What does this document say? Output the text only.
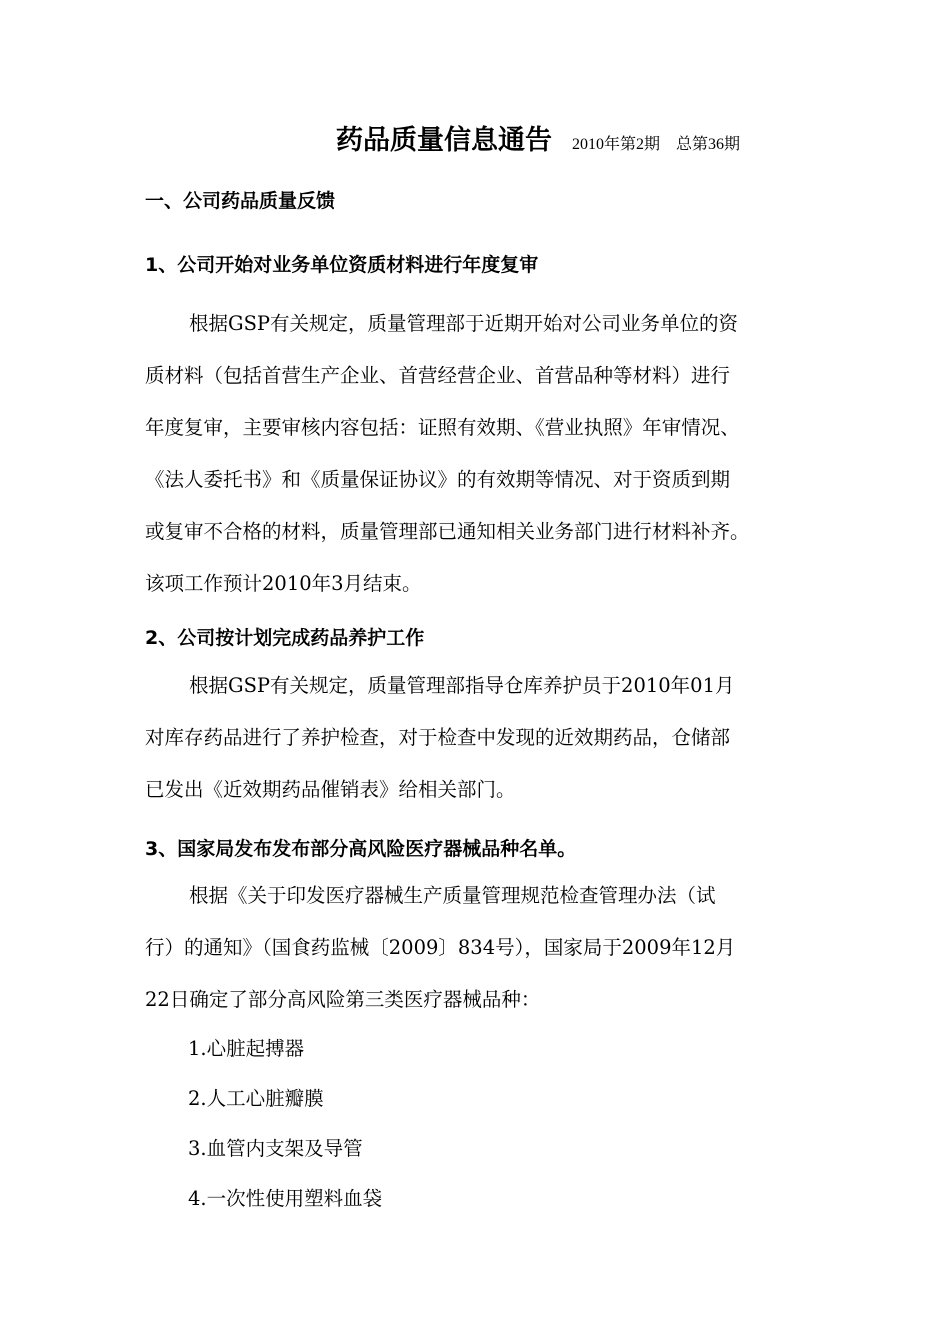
药品质量信息通告 2010年第2期　总第36期
一、公司药品质量反馈
1、公司开始对业务单位资质材料进行年度复审
根据GSP有关规定，质量管理部于近期开始对公司业务单位的资
质材料（包括首营生产企业、首营经营企业、首营品种等材料）进行
年度复审，主要审核内容包括：证照有效期、《营业执照》年审情况、
《法人委托书》和《质量保证协议》的有效期等情况、对于资质到期
或复审不合格的材料，质量管理部已通知相关业务部门进行材料补齐。
该项工作预计2010年3月结束。
2、公司按计划完成药品养护工作
根据GSP有关规定，质量管理部指导仓库养护员于2010年01月
对库存药品进行了养护检查，对于检查中发现的近效期药品，仓储部
已发出《近效期药品催销表》给相关部门。
3、国家局发布发布部分高风险医疗器械品种名单。
根据《关于印发医疗器械生产质量管理规范检查管理办法（试
行）的通知》（国食药监械〔2009〕834号），国家局于2009年12月
22日确定了部分高风险第三类医疗器械品种：
1.心脏起搏器
2.人工心脏瓣膜
3.血管内支架及导管
4.一次性使用塑料血袋
